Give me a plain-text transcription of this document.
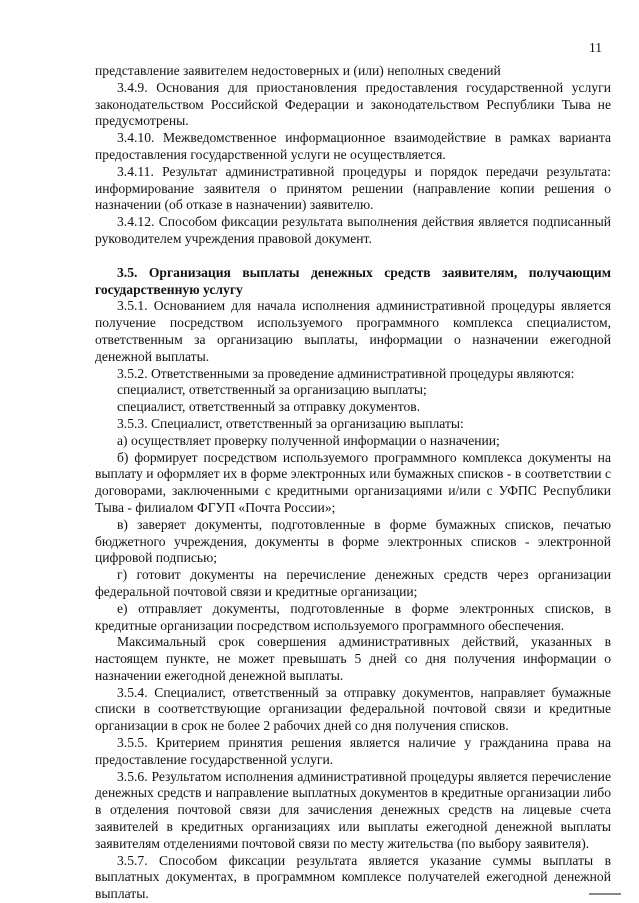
11

представление заявителем недостоверных и (или) неполных сведений

3.4.9. Основания для приостановления предоставления государственной услуги законодательством Российской Федерации и законодательством Республики Тыва не предусмотрены.

3.4.10. Межведомственное информационное взаимодействие в рамках варианта предоставления государственной услуги не осуществляется.

3.4.11. Результат административной процедуры и порядок передачи результата: информирование заявителя о принятом решении (направление копии решения о назначении (об отказе в назначении) заявителю.

3.4.12. Способом фиксации результата выполнения действия является подписанный руководителем учреждения правовой документ.

3.5. Организация выплаты денежных средств заявителям, получающим государственную услугу

3.5.1. Основанием для начала исполнения административной процедуры является получение посредством используемого программного комплекса специалистом, ответственным за организацию выплаты, информации о назначении ежегодной денежной выплаты.

3.5.2. Ответственными за проведение административной процедуры являются:

специалист, ответственный за организацию выплаты;

специалист, ответственный за отправку документов.

3.5.3. Специалист, ответственный за организацию выплаты:

а) осуществляет проверку полученной информации о назначении;

б) формирует посредством используемого программного комплекса документы на выплату и оформляет их в форме электронных или бумажных списков - в соответствии с договорами, заключенными с кредитными организациями и/или с УФПС Республики Тыва - филиалом ФГУП «Почта России»;

в) заверяет документы, подготовленные в форме бумажных списков, печатью бюджетного учреждения, документы в форме электронных списков - электронной цифровой подписью;

г) готовит документы на перечисление денежных средств через организации федеральной почтовой связи и кредитные организации;

е) отправляет документы, подготовленные в форме электронных списков, в кредитные организации посредством используемого программного обеспечения.

Максимальный срок совершения административных действий, указанных в настоящем пункте, не может превышать 5 дней со дня получения информации о назначении ежегодной денежной выплаты.

3.5.4. Специалист, ответственный за отправку документов, направляет бумажные списки в соответствующие организации федеральной почтовой связи и кредитные организации в срок не более 2 рабочих дней со дня получения списков.

3.5.5. Критерием принятия решения является наличие у гражданина права на предоставление государственной услуги.

3.5.6. Результатом исполнения административной процедуры является перечисление денежных средств и направление выплатных документов в кредитные организации либо в отделения почтовой связи для зачисления денежных средств на лицевые счета заявителей в кредитных организациях или выплаты ежегодной денежной выплаты заявителям отделениями почтовой связи по месту жительства (по выбору заявителя).

3.5.7. Способом фиксации результата является указание суммы выплаты в выплатных документах, в программном комплексе получателей ежегодной денежной выплаты.
